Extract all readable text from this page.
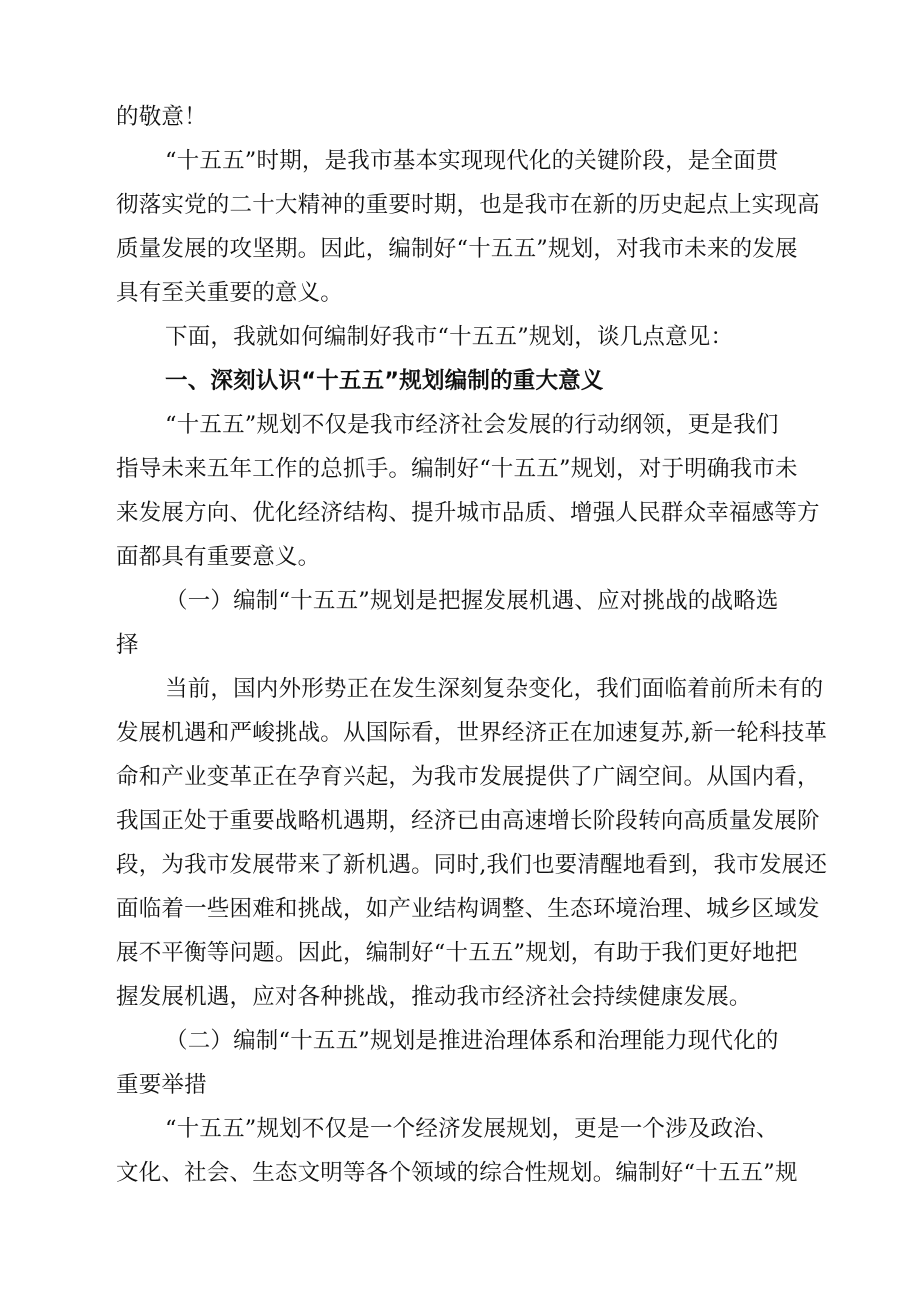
的敬意！
“十五五”时期，是我市基本实现现代化的关键阶段，是全面贯
彻落实党的二十大精神的重要时期，也是我市在新的历史起点上实现高
质量发展的攻坚期。因此，编制好“十五五”规划，对我市未来的发展
具有至关重要的意义。
下面，我就如何编制好我市“十五五”规划，谈几点意见：
一、深刻认识“十五五”规划编制的重大意义
“十五五”规划不仅是我市经济社会发展的行动纲领，更是我们
指导未来五年工作的总抓手。编制好“十五五”规划，对于明确我市未
来发展方向、优化经济结构、提升城市品质、增强人民群众幸福感等方
面都具有重要意义。
（一）编制“十五五”规划是把握发展机遇、应对挑战的战略选
择
当前，国内外形势正在发生深刻复杂变化，我们面临着前所未有的
发展机遇和严峻挑战。从国际看，世界经济正在加速复苏,新一轮科技革
命和产业变革正在孕育兴起，为我市发展提供了广阔空间。从国内看，
我国正处于重要战略机遇期，经济已由高速增长阶段转向高质量发展阶
段，为我市发展带来了新机遇。同时,我们也要清醒地看到，我市发展还
面临着一些困难和挑战，如产业结构调整、生态环境治理、城乡区域发
展不平衡等问题。因此，编制好“十五五”规划，有助于我们更好地把
握发展机遇，应对各种挑战，推动我市经济社会持续健康发展。
（二）编制“十五五”规划是推进治理体系和治理能力现代化的
重要举措
“十五五”规划不仅是一个经济发展规划，更是一个涉及政治、
文化、社会、生态文明等各个领域的综合性规划。编制好“十五五”规
